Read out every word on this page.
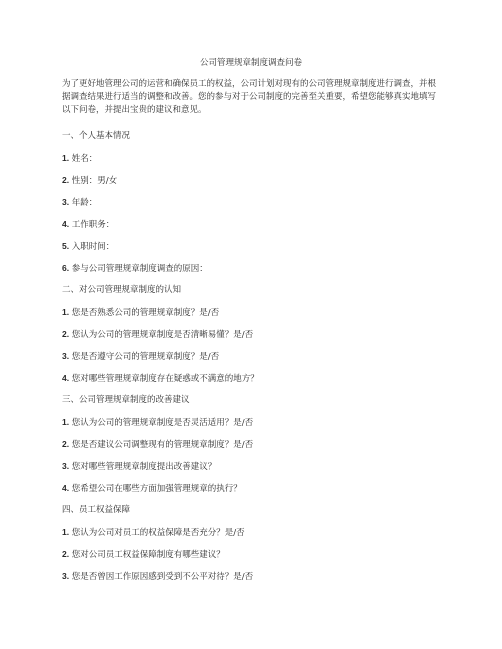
公司管理规章制度调查问卷
为了更好地管理公司的运营和确保员工的权益，公司计划对现有的公司管理规章制度进行调查，并根据调查结果进行适当的调整和改善。您的参与对于公司制度的完善至关重要，希望您能够真实地填写以下问卷，并提出宝贵的建议和意见。
一、个人基本情况
1. 姓名：
2. 性别：男/女
3. 年龄：
4. 工作职务：
5. 入职时间：
6. 参与公司管理规章制度调查的原因：
二、对公司管理规章制度的认知
1. 您是否熟悉公司的管理规章制度？是/否
2. 您认为公司的管理规章制度是否清晰易懂？是/否
3. 您是否遵守公司的管理规章制度？是/否
4. 您对哪些管理规章制度存在疑惑或不满意的地方？
三、公司管理规章制度的改善建议
1. 您认为公司的管理规章制度是否灵活适用？是/否
2. 您是否建议公司调整现有的管理规章制度？是/否
3. 您对哪些管理规章制度提出改善建议？
4. 您希望公司在哪些方面加强管理规章的执行？
四、员工权益保障
1. 您认为公司对员工的权益保障是否充分？是/否
2. 您对公司员工权益保障制度有哪些建议？
3. 您是否曾因工作原因感到受到不公平对待？是/否
